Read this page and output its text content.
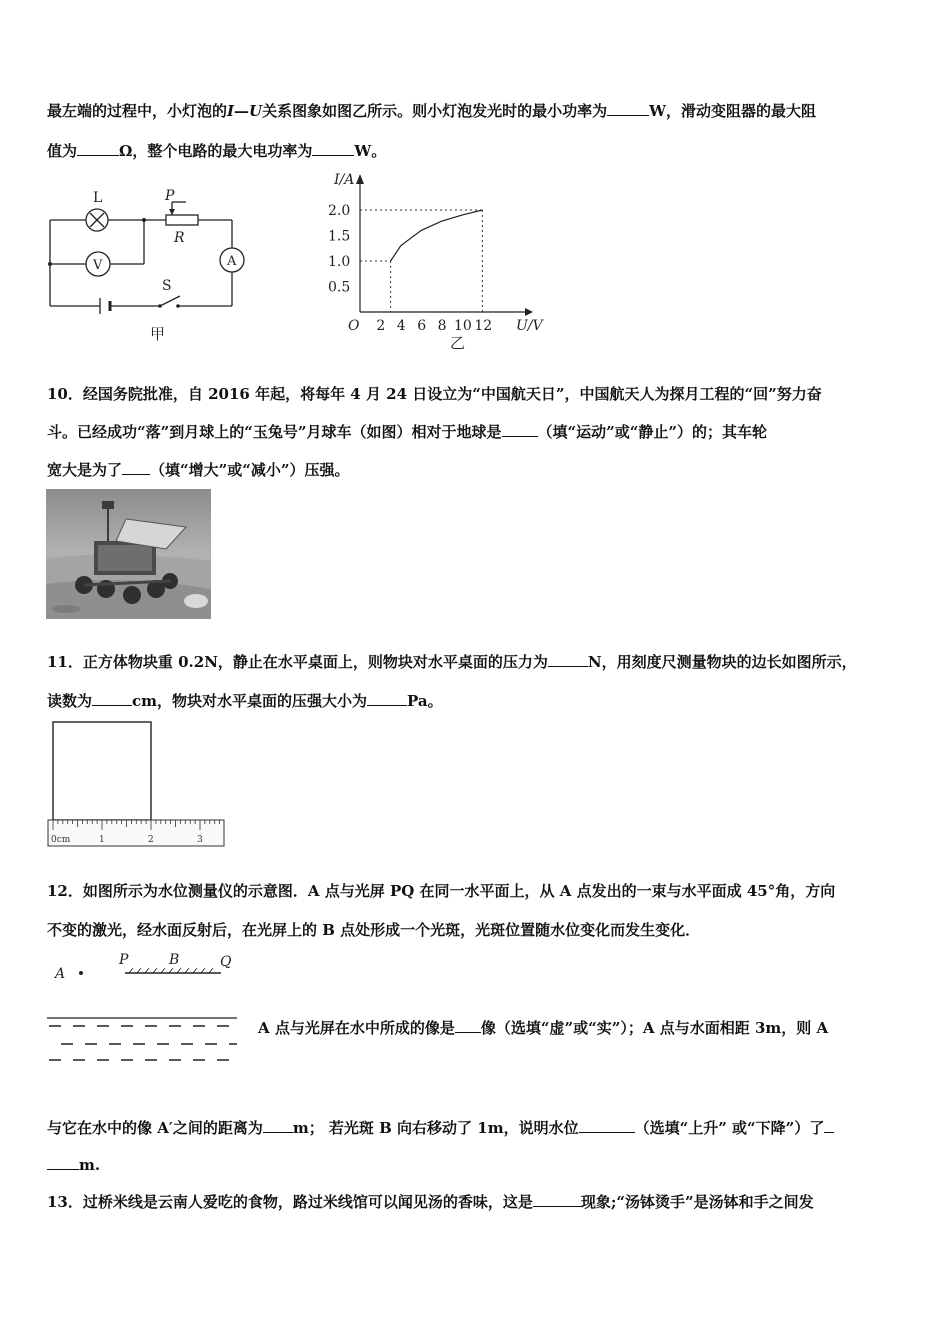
最左端的过程中，小灯泡的I—U关系图象如图乙所示。则小灯泡发光时的最小功率为	W，滑动变阻器的最大阻
值为	Ω，整个电路的最大电功率为	W。
L	P
R
S
V	A
甲	2 4 6 8 10 12
0.5
1.0
1.5
2.0
I/A
U/V
O
乙
10．经国务院批准，自 2016 年起，将每年 4 月 24 日设立为“中国航天日”，中国航天人为探月工程的“回”努力奋
斗。已经成功“落”到月球上的“玉兔号”月球车（如图）相对于地球是 （填“运动”或“静止”）的；其车轮
宽大是为了 （填“增大”或“减小”）压强。
11．正方体物块重 0.2N，静止在水平桌面上，则物块对水平桌面的压力为	N，用刻度尺测量物块的边长如图所示，
读数为	cm，物块对水平桌面的压强大小为	Pa。
0cm	1	2	3
12．如图所示为水位测量仪的示意图．A 点与光屏 PQ 在同一水平面上，从 A 点发出的一束与水平面成 45°角，方向
不变的激光，经水面反射后，在光屏上的 B 点处形成一个光斑，光斑位置随水位变化而发生变化．
A
P	B	Q
A 点与光屏在水中所成的像是 像（选填“虚”或“实”）；A 点与水面相距 3m，则 A
与它在水中的像 A′之间的距离为 m； 若光斑 B 向右移动了 1m，说明水位	（选填“上升” 或“下降”）了
m.
13．过桥米线是云南人爱吃的食物，路过米线馆可以闻见汤的香味，这是	现象;“汤钵烫手”是汤钵和手之间发
